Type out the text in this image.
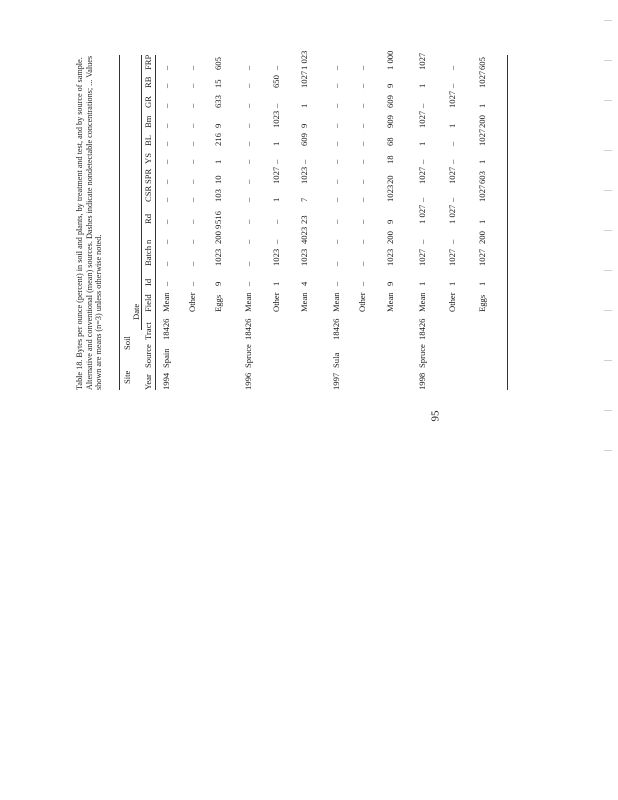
Table 18. Bytes per ounce (percent) in soil and plants, by treatment and test, and by source of sample. Alternative and conventional (mean) sources. Dashes indicate nondetectable concentrations; ... Values shown are means (n=3) unless otherwise noted. Site
Soil
Date
Year
Source
Tract
Field
Id
Batch
n
Rd
CSR
SPR
YS
BL
Bm
GR
RB
FRP
1994
Spain
18426
Mean
–
–
–
–
–
–
–
–
–
–
–
–
Other
–
–
–
–
–
–
–
–
–
–
–
–
Eggs
9
1023
200 9
516
103
10
1
216
9
633
15
605
1996
Spruce
18426
Mean
–
–
–
–
–
–
–
–
–
–
–
–
Other
1
1023
–
–
1
1027
–
1
1023
–
650
–
Mean
4
1023
4023
23
7
1023
–
609
9
1
1027
1 023
1997
Sula
18426
Mean
–
–
–
–
–
–
–
–
–
–
–
–
Other
–
–
–
–
–
–
–
–
–
–
–
–
Mean
9
1023
200
9
1023
20
18
68
909
609
9
1 000
1998
Spruce
18426
Mean
1
1027
–
1 027
–
1027
–
1
1027
–
1
1027
Other
1
1027
–
1 027
–
1027
–
–
1
1027
–
–
Eggs
1
1027
200
1
1027
603
1
1027
200
1
1027
605
95
